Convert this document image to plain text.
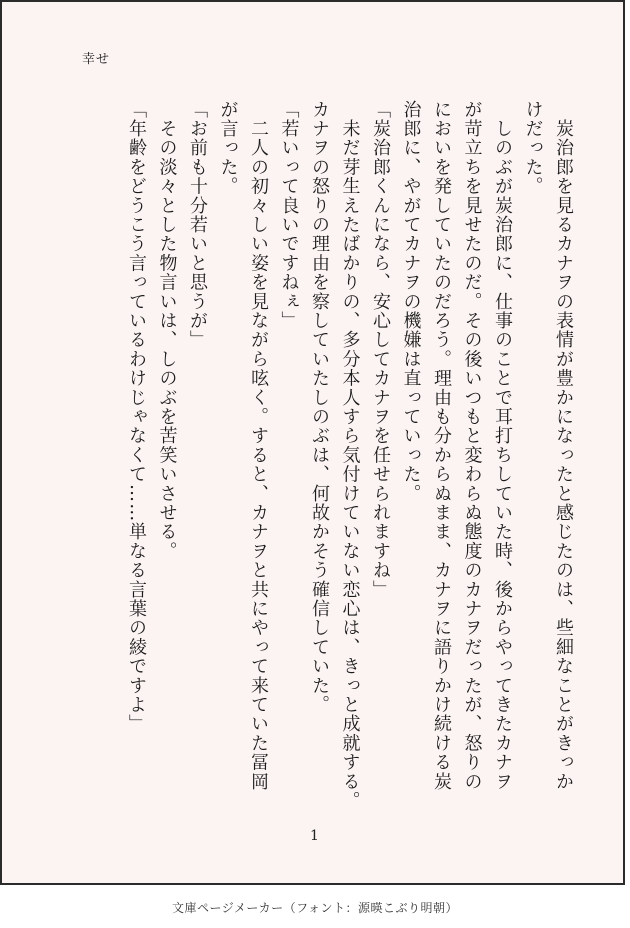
幸せ
　炭治郎を見るカナヲの表情が豊かになったと感じたのは、些細なことがきっか
けだった。
　しのぶが炭治郎に、仕事のことで耳打ちしていた時、後からやってきたカナヲ
が苛立ちを見せたのだ。その後いつもと変わらぬ態度のカナヲだったが、怒りの
においを発していたのだろう。理由も分からぬまま、カナヲに語りかけ続ける炭
治郎に、やがてカナヲの機嫌は直っていった。
「炭治郎くんになら、安心してカナヲを任せられますね」
　未だ芽生えたばかりの、多分本人すら気付けていない恋心は、きっと成就する。
カナヲの怒りの理由を察していたしのぶは、何故かそう確信していた。
「若いって良いですねぇ」
　二人の初々しい姿を見ながら呟く。すると、カナヲと共にやって来ていた冨岡
が言った。
「お前も十分若いと思うが」
　その淡々とした物言いは、しのぶを苦笑いさせる。
「年齢をどうこう言っているわけじゃなくて……単なる言葉の綾ですよ」
1
文庫ページメーカー（フォント：源暎こぶり明朝）
